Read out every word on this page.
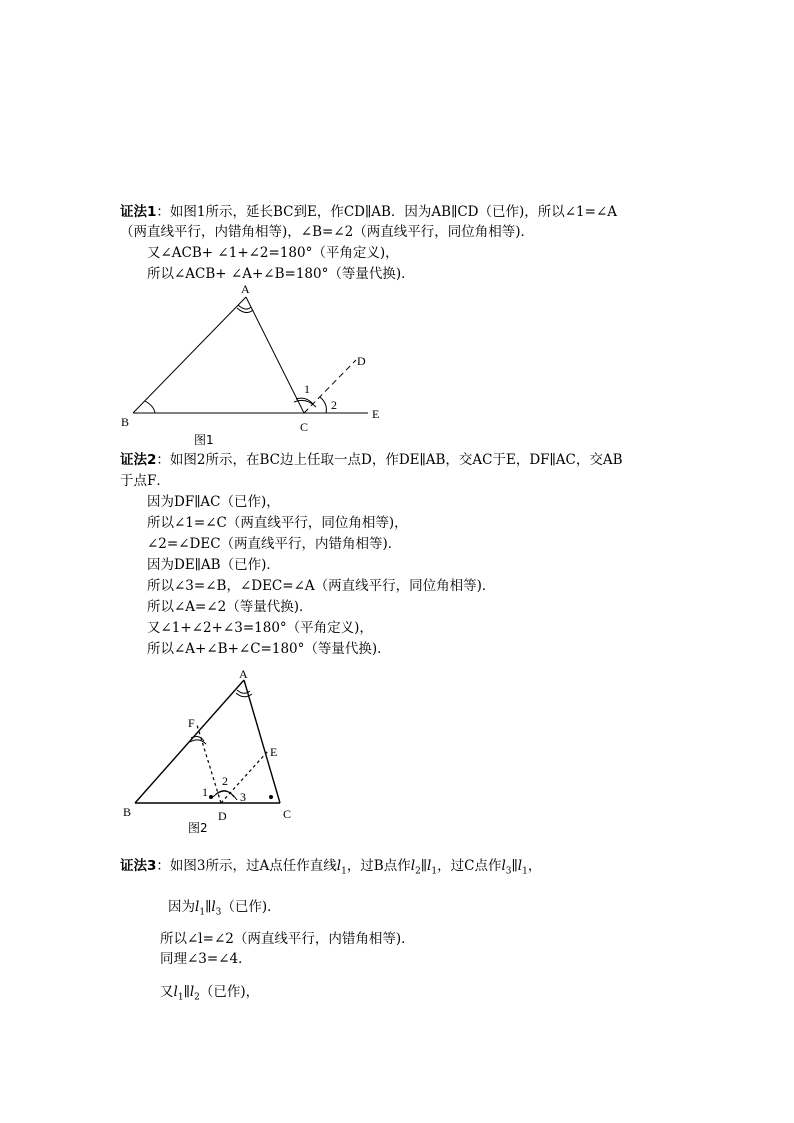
证法1：如图1所示，延长BC到E，作CD∥AB．因为AB∥CD（已作)，所以∠1=∠A
（两直线平行，内错角相等)，∠B=∠2（两直线平行，同位角相等)．
又∠ACB+ ∠1+∠2=180°（平角定义)，
所以∠ACB+ ∠A+∠B=180°（等量代换)．
A
B	C
D
E
1
2
图1
证法2：如图2所示，在BC边上任取一点D，作DE∥AB，交AC于E，DF∥AC，交AB
于点F．
因为DF∥AC（已作)，
所以∠1=∠C（两直线平行，同位角相等)，
∠2=∠DEC（两直线平行，内错角相等)．
因为DE∥AB（已作)．
所以∠3=∠B，∠DEC=∠A（两直线平行，同位角相等)．
所以∠A=∠2（等量代换)．
又∠1+∠2+∠3=180°（平角定义)，
所以∠A+∠B+∠C=180°（等量代换)．
A
B	C
D
E
F
1
2
3
图2
证法3：如图3所示，过A点任作直线$l_1$，过B点作$l_2\parallel l_1$，过C点作$l_3\parallel l_1$，
因为$l_1\parallel l_3$（已作)．
所以∠l=∠2（两直线平行，内错角相等)．
同理∠3=∠4．
又$l_1\parallel l_2$（已作)，
